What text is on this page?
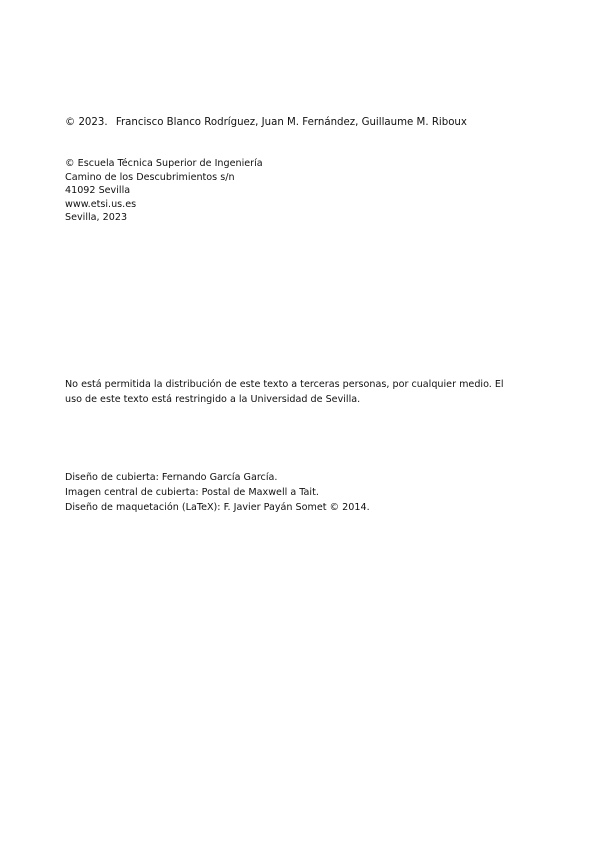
© 2023. Francisco Blanco Rodríguez, Juan M. Fernández, Guillaume M. Riboux
© Escuela Técnica Superior de Ingeniería
Camino de los Descubrimientos s/n
41092 Sevilla
www.etsi.us.es
Sevilla, 2023

No está permitida la distribución de este texto a terceras personas, por cualquier medio. El uso de este texto está restringido a la Universidad de Sevilla.

Diseño de cubierta: Fernando García García.
Imagen central de cubierta: Postal de Maxwell a Tait.
Diseño de maquetación (LaTeX): F. Javier Payán Somet © 2014.
